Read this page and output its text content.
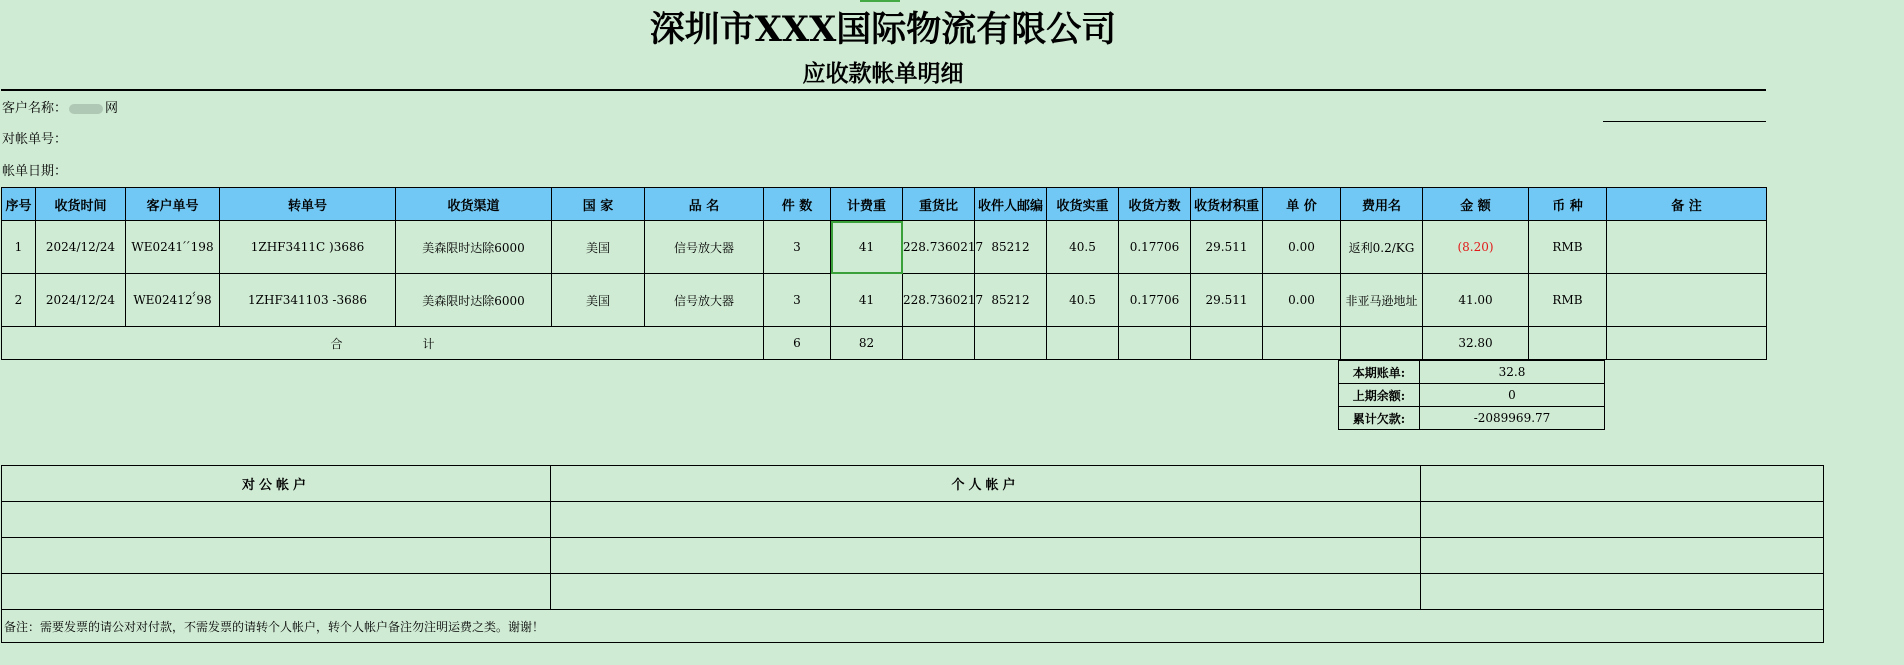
深圳市XXX国际物流有限公司
应收款帐单明细
客户名称：	网
对帐单号：
帐单日期：
序号	收货时间	客户单号	转单号	收货渠道	国 家	品 名	件 数	计费重	重货比	收件人邮编	收货实重	收货方数	收货材积重	单 价	费用名	金 额	币 种	备 注
1	2024/12/24	WE0241 ́ ́198	1ZHF3411C )3686	美森限时达除6000	美国	信号放大器	3	41	228.7360217	85212	40.5	0.17706	29.511	0.00	返利0.2/KG	(8.20)	RMB	
2	2024/12/24	WE02412 ́́98	1ZHF341103 -3686	美森限时达除6000	美国	信号放大器	3	41	228.7360217	85212	40.5	0.17706	29.511	0.00	非亚马逊地址	41.00	RMB	
合 计							6	82								32.80		
本期账单:	32.8
上期余额:	0
累计欠款:	-2089969.77
对公帐户	个人帐户	

备注：需要发票的请公对对付款，不需发票的请转个人帐户，转个人帐户备注勿注明运费之类。谢谢！		
